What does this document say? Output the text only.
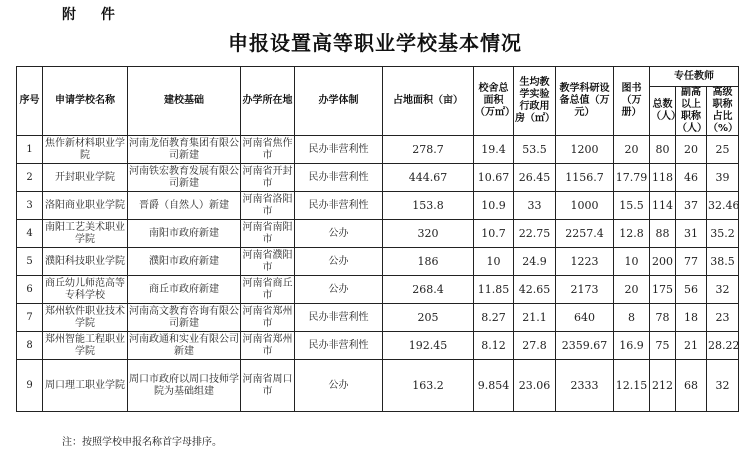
附 件
申报设置高等职业学校基本情况
序号	申请学校名称	建校基础	办学所在地	办学体制	占地面积（亩）	校舍总面积（万㎡）	生均教学实验行政用房（㎡）	教学科研设备总值（万元）	图书（万册）	专任教师		
										总数（人）	副高以上职称（人）	高级职称占比（%）
1	焦作新材料职业学院	河南龙佰教育集团有限公司新建	河南省焦作市	民办非营利性	278.7	19.4	53.5	1200	20	80	20	25
2	开封职业学院	河南铁宏教育发展有限公司新建	河南省开封市	民办非营利性	444.67	10.67	26.45	1156.7	17.79	118	46	39
3	洛阳商业职业学院	晋爵（自然人）新建	河南省洛阳市	民办非营利性	153.8	10.9	33	1000	15.5	114	37	32.46
4	南阳工艺美术职业学院	南阳市政府新建	河南省南阳市	公办	320	10.7	22.75	2257.4	12.8	88	31	35.2
5	濮阳科技职业学院	濮阳市政府新建	河南省濮阳市	公办	186	10	24.9	1223	10	200	77	38.5
6	商丘幼儿师范高等专科学校	商丘市政府新建	河南省商丘市	公办	268.4	11.85	42.65	2173	20	175	56	32
7	郑州软件职业技术学院	河南高文教育咨询有限公司新建	河南省郑州市	民办非营利性	205	8.27	21.1	640	8	78	18	23
8	郑州智能工程职业学院	河南政通和实业有限公司新建	河南省郑州市	民办非营利性	192.45	8.12	27.8	2359.67	16.9	75	21	28.22
9	周口理工职业学院	周口市政府以周口技师学院为基础组建	河南省周口市	公办	163.2	9.854	23.06	2333	12.15	212	68	32
注：按照学校申报名称首字母排序。
